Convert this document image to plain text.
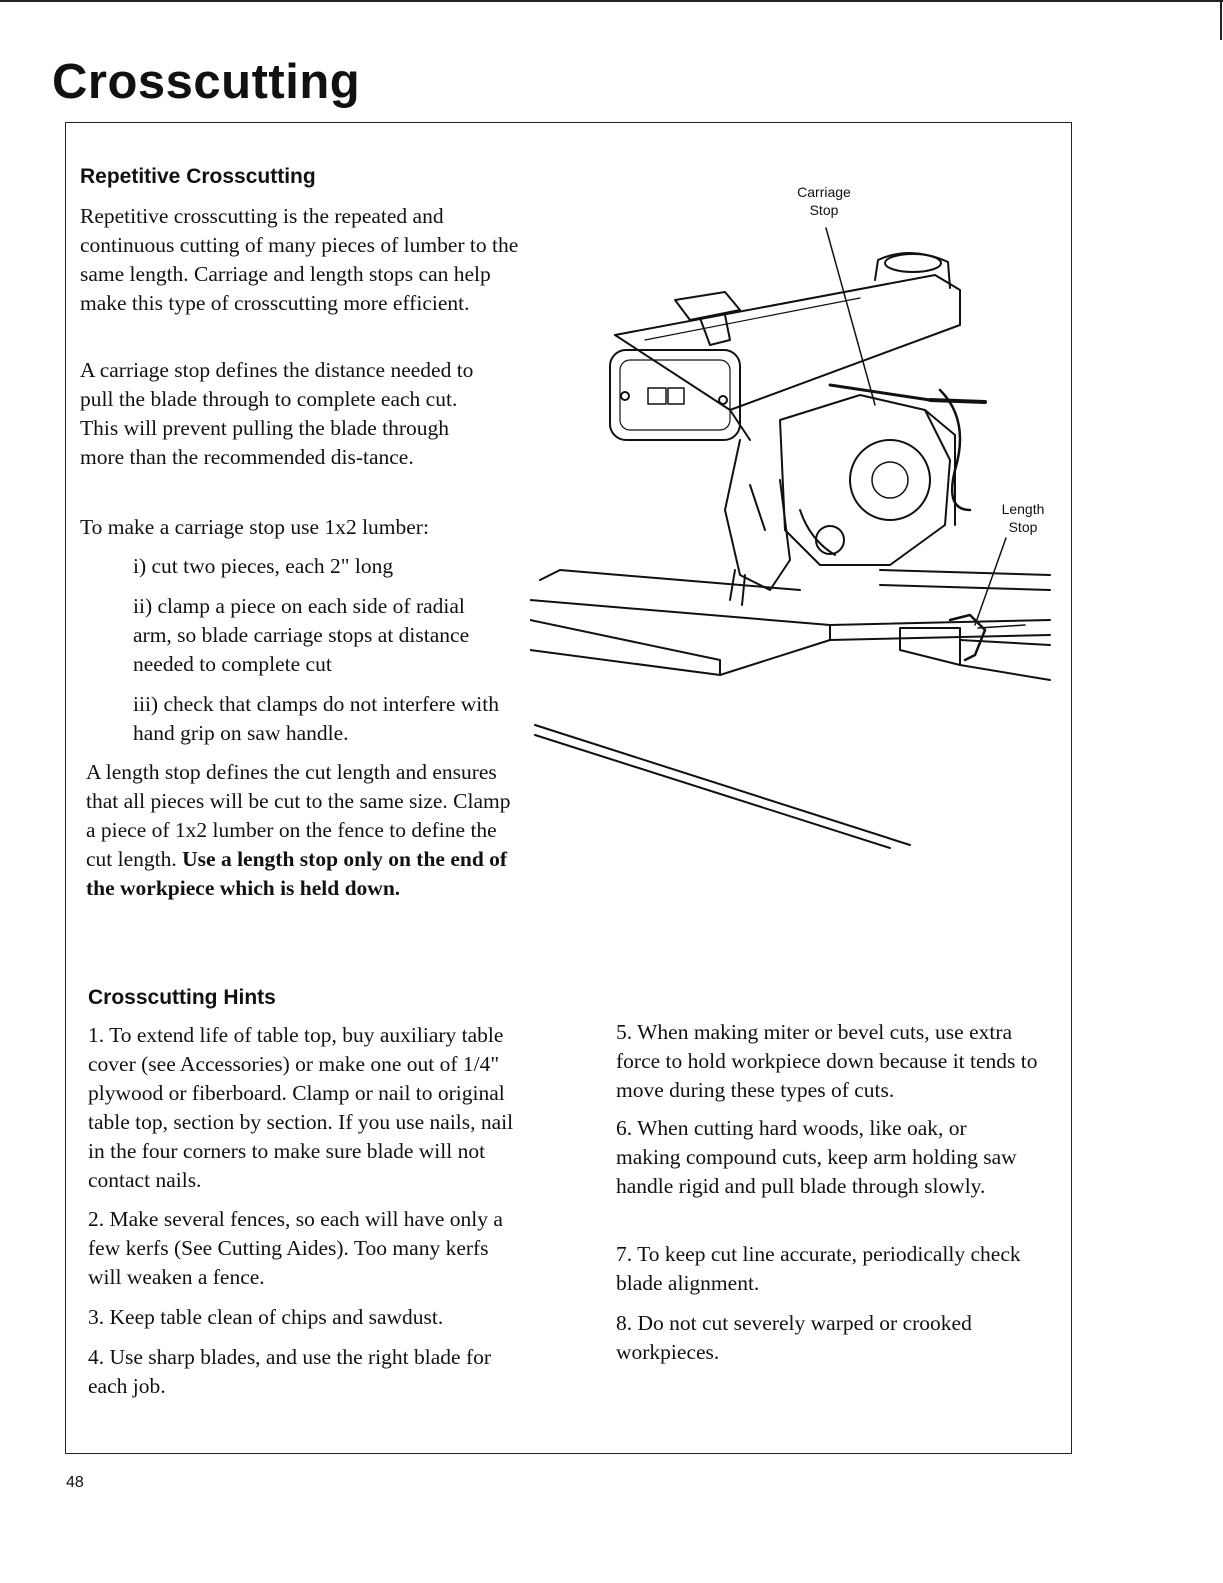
Crosscutting
Repetitive Crosscutting

Repetitive crosscutting is the repeated and continuous cutting of many pieces of lumber to the same length. Carriage and length stops can help make this type of crosscutting more efficient.

A carriage stop defines the distance needed to pull the blade through to complete each cut. This will prevent pulling the blade through more than the recommended dis-tance.

To make a carriage stop use 1x2 lumber:

i) cut two pieces, each 2" long

ii) clamp a piece on each side of radial arm, so blade carriage stops at distance needed to complete cut

iii) check that clamps do not interfere with hand grip on saw handle.

A length stop defines the cut length and ensures that all pieces will be cut to the same size. Clamp a piece of 1x2 lumber on the fence to define the cut length. Use a length stop only on the end of the workpiece which is held down.

Carriage
Stop
Length
Stop
Crosscutting Hints

1. To extend life of table top, buy auxiliary table cover (see Accessories) or make one out of 1/4" plywood or fiberboard. Clamp or nail to original table top, section by section. If you use nails, nail in the four corners to make sure blade will not contact nails.

2. Make several fences, so each will have only a few kerfs (See Cutting Aides). Too many kerfs will weaken a fence.

3. Keep table clean of chips and sawdust.

4. Use sharp blades, and use the right blade for each job.

5. When making miter or bevel cuts, use extra force to hold workpiece down because it tends to move during these types of cuts.

6. When cutting hard woods, like oak, or making compound cuts, keep arm holding saw handle rigid and pull blade through slowly.

7. To keep cut line accurate, periodically check blade alignment.

8. Do not cut severely warped or crooked workpieces.

48
